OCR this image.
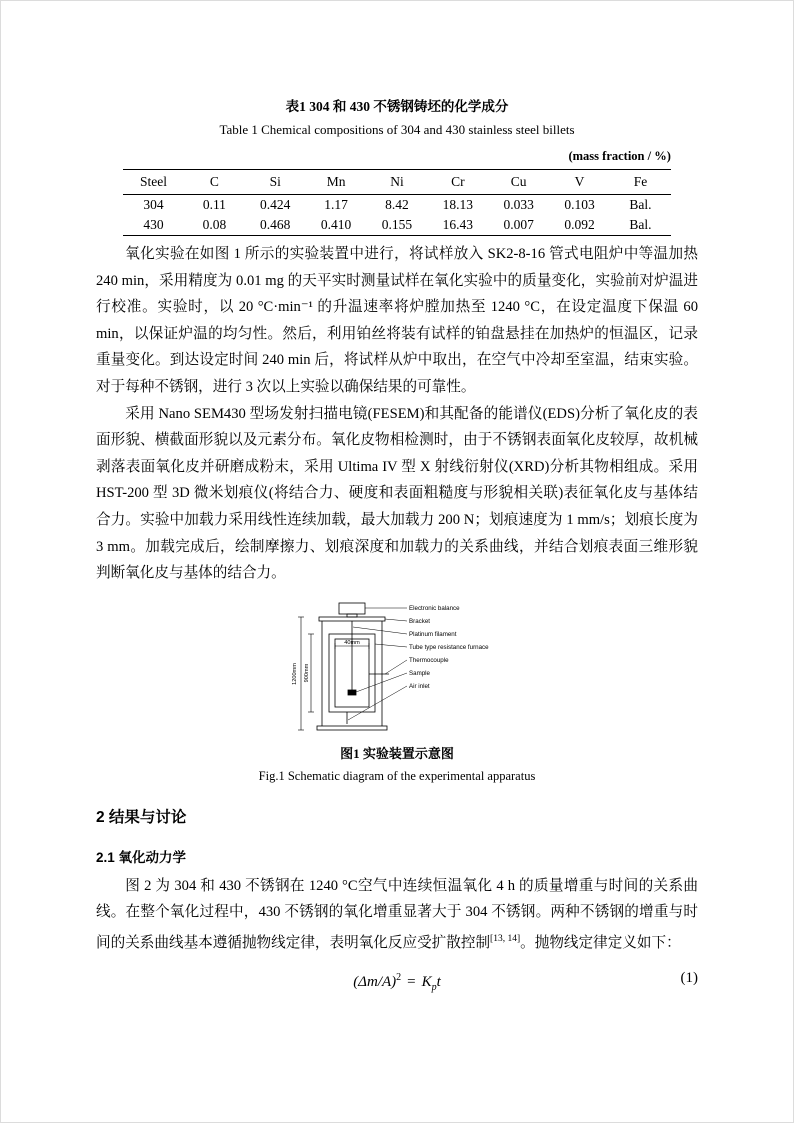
表1 304 和 430 不锈钢铸坯的化学成分
Table 1 Chemical compositions of 304 and 430 stainless steel billets
(mass fraction / %)
Steel	C	Si	Mn	Ni	Cr	Cu	V	Fe
304	0.11	0.424	1.17	8.42	18.13	0.033	0.103	Bal.
430	0.08	0.468	0.410	0.155	16.43	0.007	0.092	Bal.

氧化实验在如图 1 所示的实验装置中进行，将试样放入 SK2-8-16 管式电阻炉中等温加热 240 min，采用精度为 0.01 mg 的天平实时测量试样在氧化实验中的质量变化，实验前对炉温进行校准。实验时，以 20 °C·min⁻¹ 的升温速率将炉膛加热至 1240 °C，在设定温度下保温 60 min，以保证炉温的均匀性。然后，利用铂丝将装有试样的铂盘悬挂在加热炉的恒温区，记录重量变化。到达设定时间 240 min 后，将试样从炉中取出，在空气中冷却至室温，结束实验。对于每种不锈钢，进行 3 次以上实验以确保结果的可靠性。

采用 Nano SEM430 型场发射扫描电镜(FESEM)和其配备的能谱仪(EDS)分析了氧化皮的表面形貌、横截面形貌以及元素分布。氧化皮物相检测时，由于不锈钢表面氧化皮较厚，故机械剥落表面氧化皮并研磨成粉末，采用 Ultima IV 型 X 射线衍射仪(XRD)分析其物相组成。采用 HST-200 型 3D 微米划痕仪(将结合力、硬度和表面粗糙度与形貌相关联)表征氧化皮与基体结合力。实验中加载力采用线性连续加载，最大加载力 200 N；划痕速度为 1 mm/s；划痕长度为 3 mm。加载完成后，绘制摩擦力、划痕深度和加载力的关系曲线，并结合划痕表面三维形貌判断氧化皮与基体的结合力。

1200mm 900mm
40mm
Electronic balance
Bracket
Platinum filament
Tube type resistance furnace
Thermocouple
Sample
Air inlet
图1 实验装置示意图
Fig.1 Schematic diagram of the experimental apparatus
2 结果与讨论
2.1 氧化动力学

图 2 为 304 和 430 不锈钢在 1240 °C空气中连续恒温氧化 4 h 的质量增重与时间的关系曲线。在整个氧化过程中，430 不锈钢的氧化增重显著大于 304 不锈钢。两种不锈钢的增重与时间的关系曲线基本遵循抛物线定律，表明氧化反应受扩散控制[13, 14]。抛物线定律定义如下：

$(\Delta m/A)^2 = K_pt$	(1)
